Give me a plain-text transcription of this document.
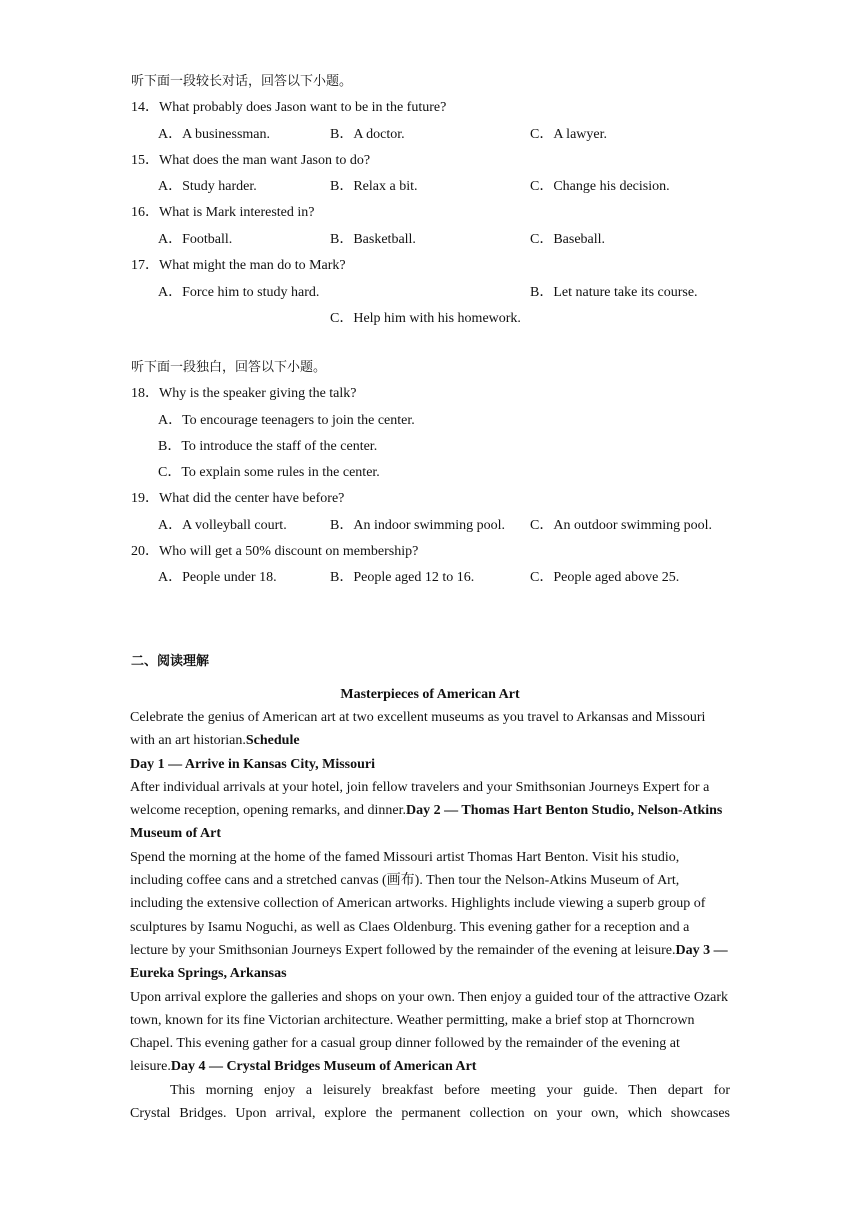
听下面一段较长对话，回答以下小题。
14．What probably does Jason want to be in the future?
A．A businessman.	B．A doctor.	C．A lawyer.
15．What does the man want Jason to do?
A．Study harder.	B．Relax a bit.	C．Change his decision.
16．What is Mark interested in?
A．Football.	B．Basketball.	C．Baseball.
17．What might the man do to Mark?
A．Force him to study hard.	B．Let nature take its course.
C．Help him with his homework.
听下面一段独白，回答以下小题。
18．Why is the speaker giving the talk?
A．To encourage teenagers to join the center.
B．To introduce the staff of the center.
C．To explain some rules in the center.
19．What did the center have before?
A．A volleyball court.	B．An indoor swimming pool. C．An outdoor swimming pool.
20．Who will get a 50% discount on membership?
A．People under 18.	B．People aged 12 to 16.	C．People aged above 25.
二、阅读理解
Masterpieces of American Art

Celebrate the genius of American art at two excellent museums as you travel to Arkansas and Missouri with an art historian.Schedule

Day 1 — Arrive in Kansas City, Missouri

After individual arrivals at your hotel, join fellow travelers and your Smithsonian Journeys Expert for a welcome reception, opening remarks, and dinner.Day 2 — Thomas Hart Benton Studio, Nelson-Atkins Museum of Art

Spend the morning at the home of the famed Missouri artist Thomas Hart Benton. Visit his studio, including coffee cans and a stretched canvas (画布). Then tour the Nelson-Atkins Museum of Art, including the extensive collection of American artworks. Highlights include viewing a superb group of sculptures by Isamu Noguchi, as well as Claes Oldenburg. This evening gather for a reception and a lecture by your Smithsonian Journeys Expert followed by the remainder of the evening at leisure.Day 3 — Eureka Springs, Arkansas

Upon arrival explore the galleries and shops on your own. Then enjoy a guided tour of the attractive Ozark town, known for its fine Victorian architecture. Weather permitting, make a brief stop at Thorncrown Chapel. This evening gather for a casual group dinner followed by the remainder of the evening at leisure.Day 4 — Crystal Bridges Museum of American Art

This morning enjoy a leisurely breakfast before meeting your guide. Then depart for

Crystal Bridges. Upon arrival, explore the permanent collection on your own, which showcases
